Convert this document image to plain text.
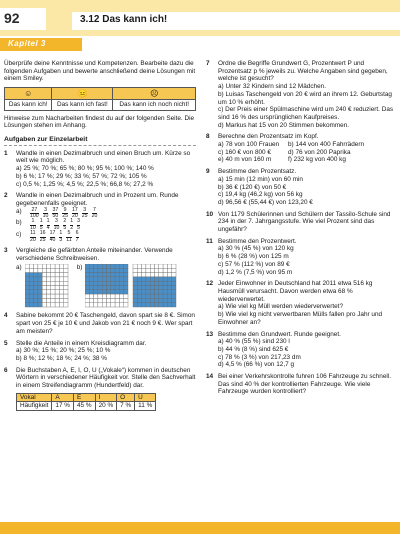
92	3.12 Das kann ich!
Kapitel 3

Überprüfe deine Kenntnisse und Kompetenzen. Bearbeite dazu die folgenden Aufgaben und bewerte anschließend deine Lösungen mit einem Smiley.

☺	😐	☹
Das kann ich!	Das kann ich fast!	Das kann ich noch nicht!

Hinweise zum Nacharbeiten findest du auf der folgenden Seite. Die Lösungen stehen im Anhang.

Aufgaben zur Einzelarbeit
1	Wandle in einen Dezimalbruch und einen Bruch um. Kürze so weit wie möglich.
a) 25 %; 70 %; 65 %; 80 %; 95 %; 100 %; 140 %
b) 6 %; 17 %; 29 %; 33 %; 57 %; 72 %; 105 %
c) 0,5 %; 1,25 %; 4,5 %; 22,5 %; 66,8 %; 27,2 %
2	Wandle in einen Dezimalbruch und in Prozent um. Runde gegebenenfalls geeignet.
a)	$\frac{27}{100} \frac{3}{10} \frac{37}{50} \frac{9}{25} \frac{17}{20} \frac{3}{25} \frac{7}{20}$
b)	$\frac{1}{10} \frac{1}{5} \frac{1}{4} \frac{3}{10} \frac{2}{5} \frac{1}{2} \frac{3}{5}$
c)	$\frac{11}{20} \frac{16}{25} \frac{17}{40} \frac{1}{3} \frac{5}{11} \frac{6}{7}$
3	Vergleiche die gefärbten Anteile miteinander. Verwende verschiedene Schreibweisen.
a)	b)
4	Sabine bekommt 20 € Taschengeld, davon spart sie 8 €. Simon spart von 25 € je 10 € und Jakob von 21 € noch 9 €. Wer spart am meisten?
5	Stelle die Anteile in einem Kreisdiagramm dar.
a) 30 %; 15 %; 20 %; 25 %; 10 %
b) 8 %; 12 %; 18 %; 24 %; 38 %
6	Die Buchstaben A, E, I, O, U („Vokale“) kommen in deutschen Wörtern in verschiedener Häufigkeit vor. Stelle den Sachverhalt in einem Streifendiagramm (Hundertfeld) dar.
Vokal	A	E	I	O	U
Häufigkeit	17 %	45 %	20 %	7 %	11 %
7	Ordne die Begriffe Grundwert G, Prozentwert P und Prozentsatz p % jeweils zu. Welche Angaben sind gegeben, welche ist gesucht?
a) Unter 32 Kindern sind 12 Mädchen.
b) Luisas Taschengeld von 20 € wird an ihrem 12. Geburtstag um 10 % erhöht.
c) Der Preis einer Spülmaschine wird um 240 € reduziert. Das sind 16 % des ursprünglichen Kaufpreises.
d) Markus hat 15 von 20 Stimmen bekommen.
8	Berechne den Prozentsatz im Kopf.
a) 78 von 100 Frauen	b) 144 von 400 Fahrrädern
c) 160 € von 800 €	d) 76 von 200 Paprika
e) 40 m von 160 m	f) 232 kg von 400 kg
9	Bestimme den Prozentsatz.
a) 15 min (12 min) von 60 min
b) 36 € (120 €) von 50 €
c) 19,4 kg (46,2 kg) von 56 kg
d) 96,56 € (55,44 €) von 123,20 €
10 Von 1179 Schülerinnen und Schülern der Tassilo-Schule sind 234 in der 7. Jahrgangsstufe. Wie viel Prozent sind das ungefähr?
11 Bestimme den Prozentwert.
a) 30 % (45 %) von 120 kg
b) 6 % (28 %) von 125 m
c) 57 % (112 %) von 89 €
d) 1,2 % (7,5 %) von 95 m
12 Jeder Einwohner in Deutschland hat 2011 etwa 516 kg Hausmüll verursacht. Davon werden etwa 68 % wiederverwertet.
a) Wie viel kg Müll werden wiederverwertet?
b) Wie viel kg nicht verwertbaren Mülls fallen pro Jahr und Einwohner an?
13 Bestimme den Grundwert. Runde geeignet.
a) 40 % (55 %) sind 230 l
b) 44 % (8 %) sind 625 €
c) 78 % (3 %) von 217,23 dm
d) 4,5 % (66 %) von 12,7 g
14 Bei einer Verkehrskontrolle fuhren 106 Fahrzeuge zu schnell. Das sind 40 % der kontrollierten Fahrzeuge. Wie viele Fahrzeuge wurden kontrolliert?
